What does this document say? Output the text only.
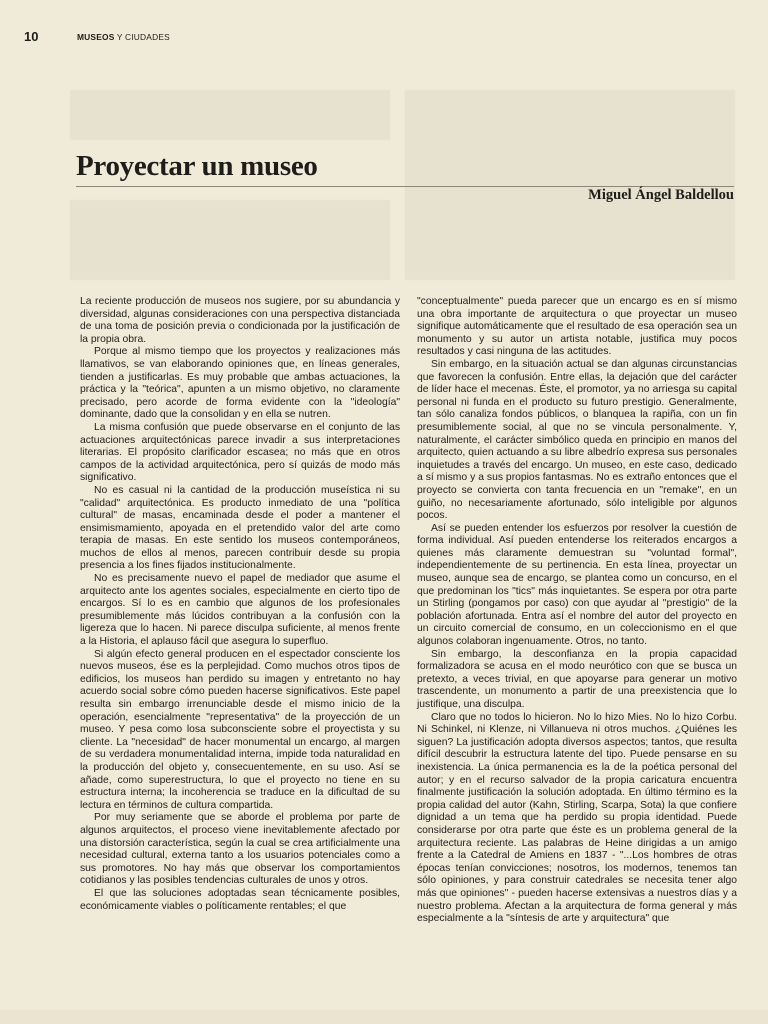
10	MUSEOS Y CIUDADES
Proyectar un museo
Miguel Ángel Baldellou

La reciente producción de museos nos sugiere, por su abundancia y diversidad, algunas consideraciones con una perspectiva distanciada de una toma de posición previa o condicionada por la justificación de la propia obra.

Porque al mismo tiempo que los proyectos y realizaciones más llamativos, se van elaborando opiniones que, en líneas generales, tienden a justificarlas. Es muy probable que ambas actuaciones, la práctica y la "teórica", apunten a un mismo objetivo, no claramente precisado, pero acorde de forma evidente con la "ideología" dominante, dado que la consolidan y en ella se nutren.

La misma confusión que puede observarse en el conjunto de las actuaciones arquitectónicas parece invadir a sus interpretaciones literarias. El propósito clarificador escasea; no más que en otros campos de la actividad arquitectónica, pero sí quizás de modo más significativo.

No es casual ni la cantidad de la producción museística ni su "calidad" arquitectónica. Es producto inmediato de una "política cultural" de masas, encaminada desde el poder a mantener el ensimismamiento, apoyada en el pretendido valor del arte como terapia de masas. En este sentido los museos contemporáneos, muchos de ellos al menos, parecen contribuir desde su propia presencia a los fines fijados institucionalmente.

No es precisamente nuevo el papel de mediador que asume el arquitecto ante los agentes sociales, especialmente en cierto tipo de encargos. Sí lo es en cambio que algunos de los profesionales presumiblemente más lúcidos contribuyan a la confusión con la ligereza que lo hacen. Ni parece disculpa suficiente, al menos frente a la Historia, el aplauso fácil que asegura lo superfluo.

Si algún efecto general producen en el espectador consciente los nuevos museos, ése es la perplejidad. Como muchos otros tipos de edificios, los museos han perdido su imagen y entretanto no hay acuerdo social sobre cómo pueden hacerse significativos. Este papel resulta sin embargo irrenunciable desde el mismo inicio de la operación, esencialmente "representativa" de la proyección de un museo. Y pesa como losa subconsciente sobre el proyectista y su cliente. La "necesidad" de hacer monumental un encargo, al margen de su verdadera monumentalidad interna, impide toda naturalidad en la producción del objeto y, consecuentemente, en su uso. Así se añade, como superestructura, lo que el proyecto no tiene en su estructura interna; la incoherencia se traduce en la dificultad de su lectura en términos de cultura compartida.

Por muy seriamente que se aborde el problema por parte de algunos arquitectos, el proceso viene inevitablemente afectado por una distorsión característica, según la cual se crea artificialmente una necesidad cultural, externa tanto a los usuarios potenciales como a sus promotores. No hay más que observar los comportamientos cotidianos y las posibles tendencias culturales de unos y otros.

El que las soluciones adoptadas sean técnicamente posibles, económicamente viables o políticamente rentables; el que

"conceptualmente" pueda parecer que un encargo es en sí mismo una obra importante de arquitectura o que proyectar un museo signifique automáticamente que el resultado de esa operación sea un monumento y su autor un artista notable, justifica muy pocos resultados y casi ninguna de las actitudes.

Sin embargo, en la situación actual se dan algunas circunstancias que favorecen la confusión. Entre ellas, la dejación que del carácter de líder hace el mecenas. Éste, el promotor, ya no arriesga su capital personal ni funda en el producto su futuro prestigio. Generalmente, tan sólo canaliza fondos públicos, o blanquea la rapiña, con un fin presumiblemente social, al que no se vincula personalmente. Y, naturalmente, el carácter simbólico queda en principio en manos del arquitecto, quien actuando a su libre albedrío expresa sus personales inquietudes a través del encargo. Un museo, en este caso, dedicado a sí mismo y a sus propios fantasmas. No es extraño entonces que el proyecto se convierta con tanta frecuencia en un "remake", en un guiño, no necesariamente afortunado, sólo inteligible por algunos pocos.

Así se pueden entender los esfuerzos por resolver la cuestión de forma individual. Así pueden entenderse los reiterados encargos a quienes más claramente demuestran su "voluntad formal", independientemente de su pertinencia. En esta línea, proyectar un museo, aunque sea de encargo, se plantea como un concurso, en el que predominan los "tics" más inquietantes. Se espera por otra parte un Stirling (pongamos por caso) con que ayudar al "prestigio" de la población afortunada. Entra así el nombre del autor del proyecto en un circuito comercial de consumo, en un coleccionismo en el que algunos colaboran ingenuamente. Otros, no tanto.

Sin embargo, la desconfianza en la propia capacidad formalizadora se acusa en el modo neurótico con que se busca un pretexto, a veces trivial, en que apoyarse para generar un motivo trascendente, un monumento a partir de una preexistencia que lo justifique, una disculpa.

Claro que no todos lo hicieron. No lo hizo Mies. No lo hizo Corbu. Ni Schinkel, ni Klenze, ni Villanueva ni otros muchos. ¿Quiénes les siguen? La justificación adopta diversos aspectos; tantos, que resulta difícil descubrir la estructura latente del tipo. Puede pensarse en su inexistencia. La única permanencia es la de la poética personal del autor; y en el recurso salvador de la propia caricatura encuentra finalmente justificación la solución adoptada. En último término es la propia calidad del autor (Kahn, Stirling, Scarpa, Sota) la que confiere dignidad a un tema que ha perdido su propia identidad. Puede considerarse por otra parte que éste es un problema general de la arquitectura reciente. Las palabras de Heine dirigidas a un amigo frente a la Catedral de Amiens en 1837 - "...Los hombres de otras épocas tenían convicciones; nosotros, los modernos, tenemos tan sólo opiniones, y para construir catedrales se necesita tener algo más que opiniones" - pueden hacerse extensivas a nuestros días y a nuestro problema. Afectan a la arquitectura de forma general y más especialmente a la "síntesis de arte y arquitectura" que
